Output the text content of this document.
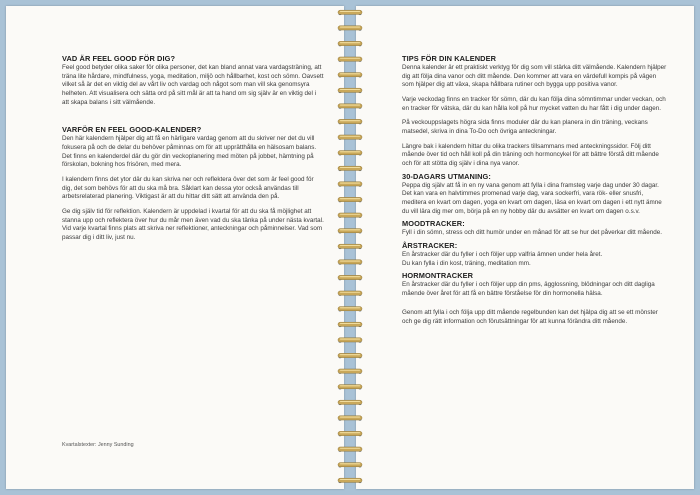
VAD ÄR FEEL GOOD FÖR DIG?

Feel good betyder olika saker för olika personer, det kan bland annat vara vardagsträning, att träna lite hårdare, mindfulness, yoga, meditation, miljö och hållbarhet, kost och sömn. Oavsett vilket så är det en viktig del av vårt liv och vardag och något som man vill ska genomsyra helheten. Att visualisera och sätta ord på sitt mål är att ta hand om sig själv är en viktig del i att skapa balans i sitt välmående.

VARFÖR EN FEEL GOOD-KALENDER?

Den här kalendern hjälper dig att få en härligare vardag genom att du skriver ner det du vill fokusera på och de delar du behöver påminnas om för att upprätthålla en hälsosam balans. Det finns en kalenderdel där du gör din veckoplanering med möten på jobbet, hämtning på förskolan, bokning hos frisören, med mera.

I kalendern finns det ytor där du kan skriva ner och reflektera över det som är feel good för dig, det som behövs för att du ska må bra. Såklart kan dessa ytor också användas till arbetsrelaterad planering. Viktigast är att du hittar ditt sätt att använda den på.

Ge dig själv tid för reflektion. Kalendern är uppdelad i kvartal för att du ska få möjlighet att stanna upp och reflektera över hur du mår men även vad du ska tänka på under nästa kvartal. Vid varje kvartal finns plats att skriva ner reflektioner, anteckningar och påminnelser. Vad som passar dig i ditt liv, just nu.

Kvartalstexter: Jenny Sunding
TIPS FÖR DIN KALENDER

Denna kalender är ett praktiskt verktyg för dig som vill stärka ditt välmående. Kalendern hjälper dig att följa dina vanor och ditt mående. Den kommer att vara en värdefull kompis på vägen som hjälper dig att växa, skapa hållbara rutiner och bygga upp positiva vanor.

Varje veckodag finns en tracker för sömn, där du kan följa dina sömntimmar under veckan, och en tracker för vätska, där du kan hålla koll på hur mycket vatten du har fått i dig under dagen.

På veckouppslagets högra sida finns moduler där du kan planera in din träning, veckans matsedel, skriva in dina To-Do och övriga anteckningar.

Längre bak i kalendern hittar du olika trackers tillsammans med anteckningssidor. Följ ditt mående över tid och håll koll på din träning och hormoncykel för att bättre förstå ditt mående och för att stötta dig själv i dina nya vanor.

30-DAGARS UTMANING:

Peppa dig själv att få in en ny vana genom att fylla i dina framsteg varje dag under 30 dagar. Det kan vara en halvtimmes promenad varje dag, vara sockerfri, vara rök- eller snusfri, meditera en kvart om dagen, yoga en kvart om dagen, läsa en kvart om dagen i ett nytt ämne du vill lära dig mer om, börja på en ny hobby där du avsätter en kvart om dagen o.s.v.

MOODTRACKER:

Fyll i din sömn, stress och ditt humör under en månad för att se hur det påverkar ditt mående.

ÅRSTRACKER:

En årstracker där du fyller i och följer upp valfria ämnen under hela året.

Du kan fylla i din kost, träning, meditation mm.

HORMONTRACKER

En årstracker där du fyller i och följer upp din pms, ägglossning, blödningar och ditt dagliga mående över året för att få en bättre förståelse för din hormonella hälsa.

Genom att fylla i och följa upp ditt mående regelbunden kan det hjälpa dig att se ett mönster och ge dig rätt information och förutsättningar för att kunna förändra ditt mående.
